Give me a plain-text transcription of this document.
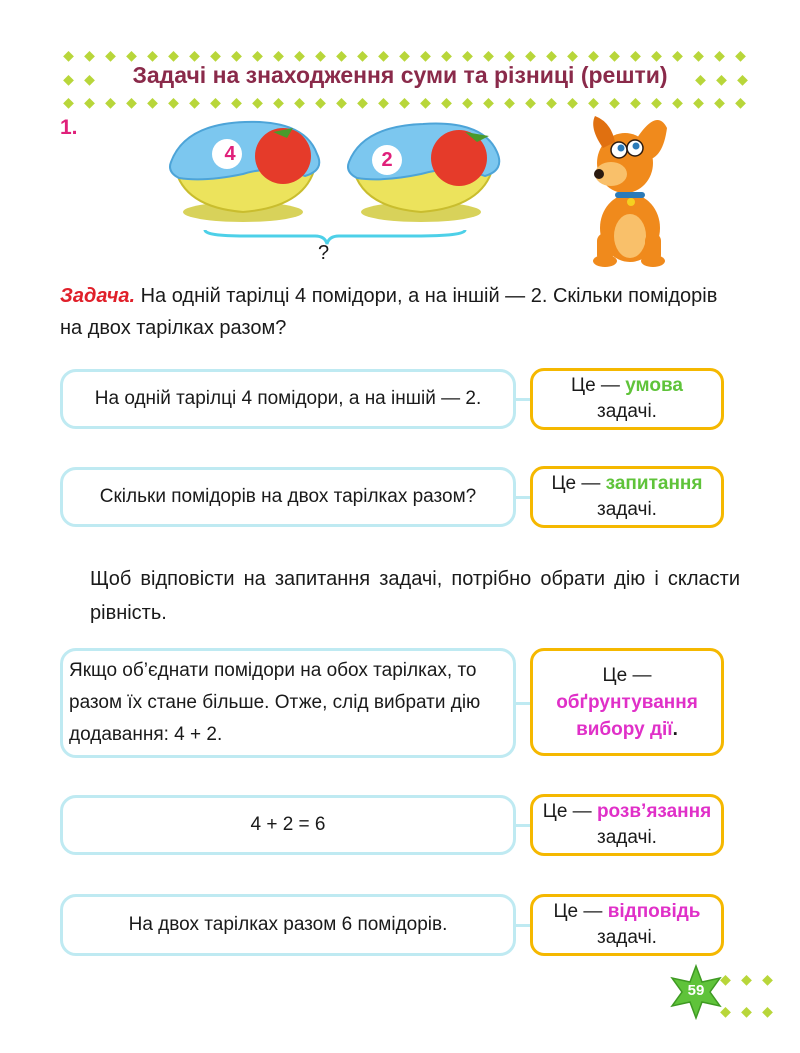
◆ ◆ ◆ ◆ ◆ ◆ ◆ ◆ ◆ ◆ ◆ ◆ ◆ ◆ ◆ ◆ ◆ ◆ ◆ ◆ ◆ ◆ ◆ ◆ ◆ ◆ ◆ ◆ ◆ ◆ ◆ ◆ ◆
◆ ◆ ◆ ◆ ◆ ◆ ◆ ◆ ◆ ◆ ◆ ◆ ◆ ◆ ◆ ◆ ◆ ◆ ◆ ◆ ◆ ◆ ◆ ◆ ◆ ◆ ◆ ◆ ◆ ◆ ◆ ◆ ◆
◆ ◆	◆ ◆ ◆
Задачі на знаходження суми та різниці (решти)
1.
4	2
?
Задача. На одній тарілці 4 помідори, а на іншій — 2. Скільки помідорів на двох тарілках разом?
На одній тарілці 4 помідори, а на іншій — 2.
Це — умова
задачі.
Скільки помідорів на двох тарілках разом?
Це — запитання
задачі.
Щоб відповісти на запитання задачі, потрібно обрати дію і скласти рівність.
Якщо об’єднати помідори на обох тарілках, то разом їх стане більше. Отже, слід вибрати дію додавання: 4 + 2.
Це —
обґрунтування вибору дії.
4 + 2 = 6
Це — розв’язання
задачі.
На двох тарілках разом 6 помідорів.
Це — відповідь
задачі.
◆ ◆ ◆
◆ ◆ ◆
59
